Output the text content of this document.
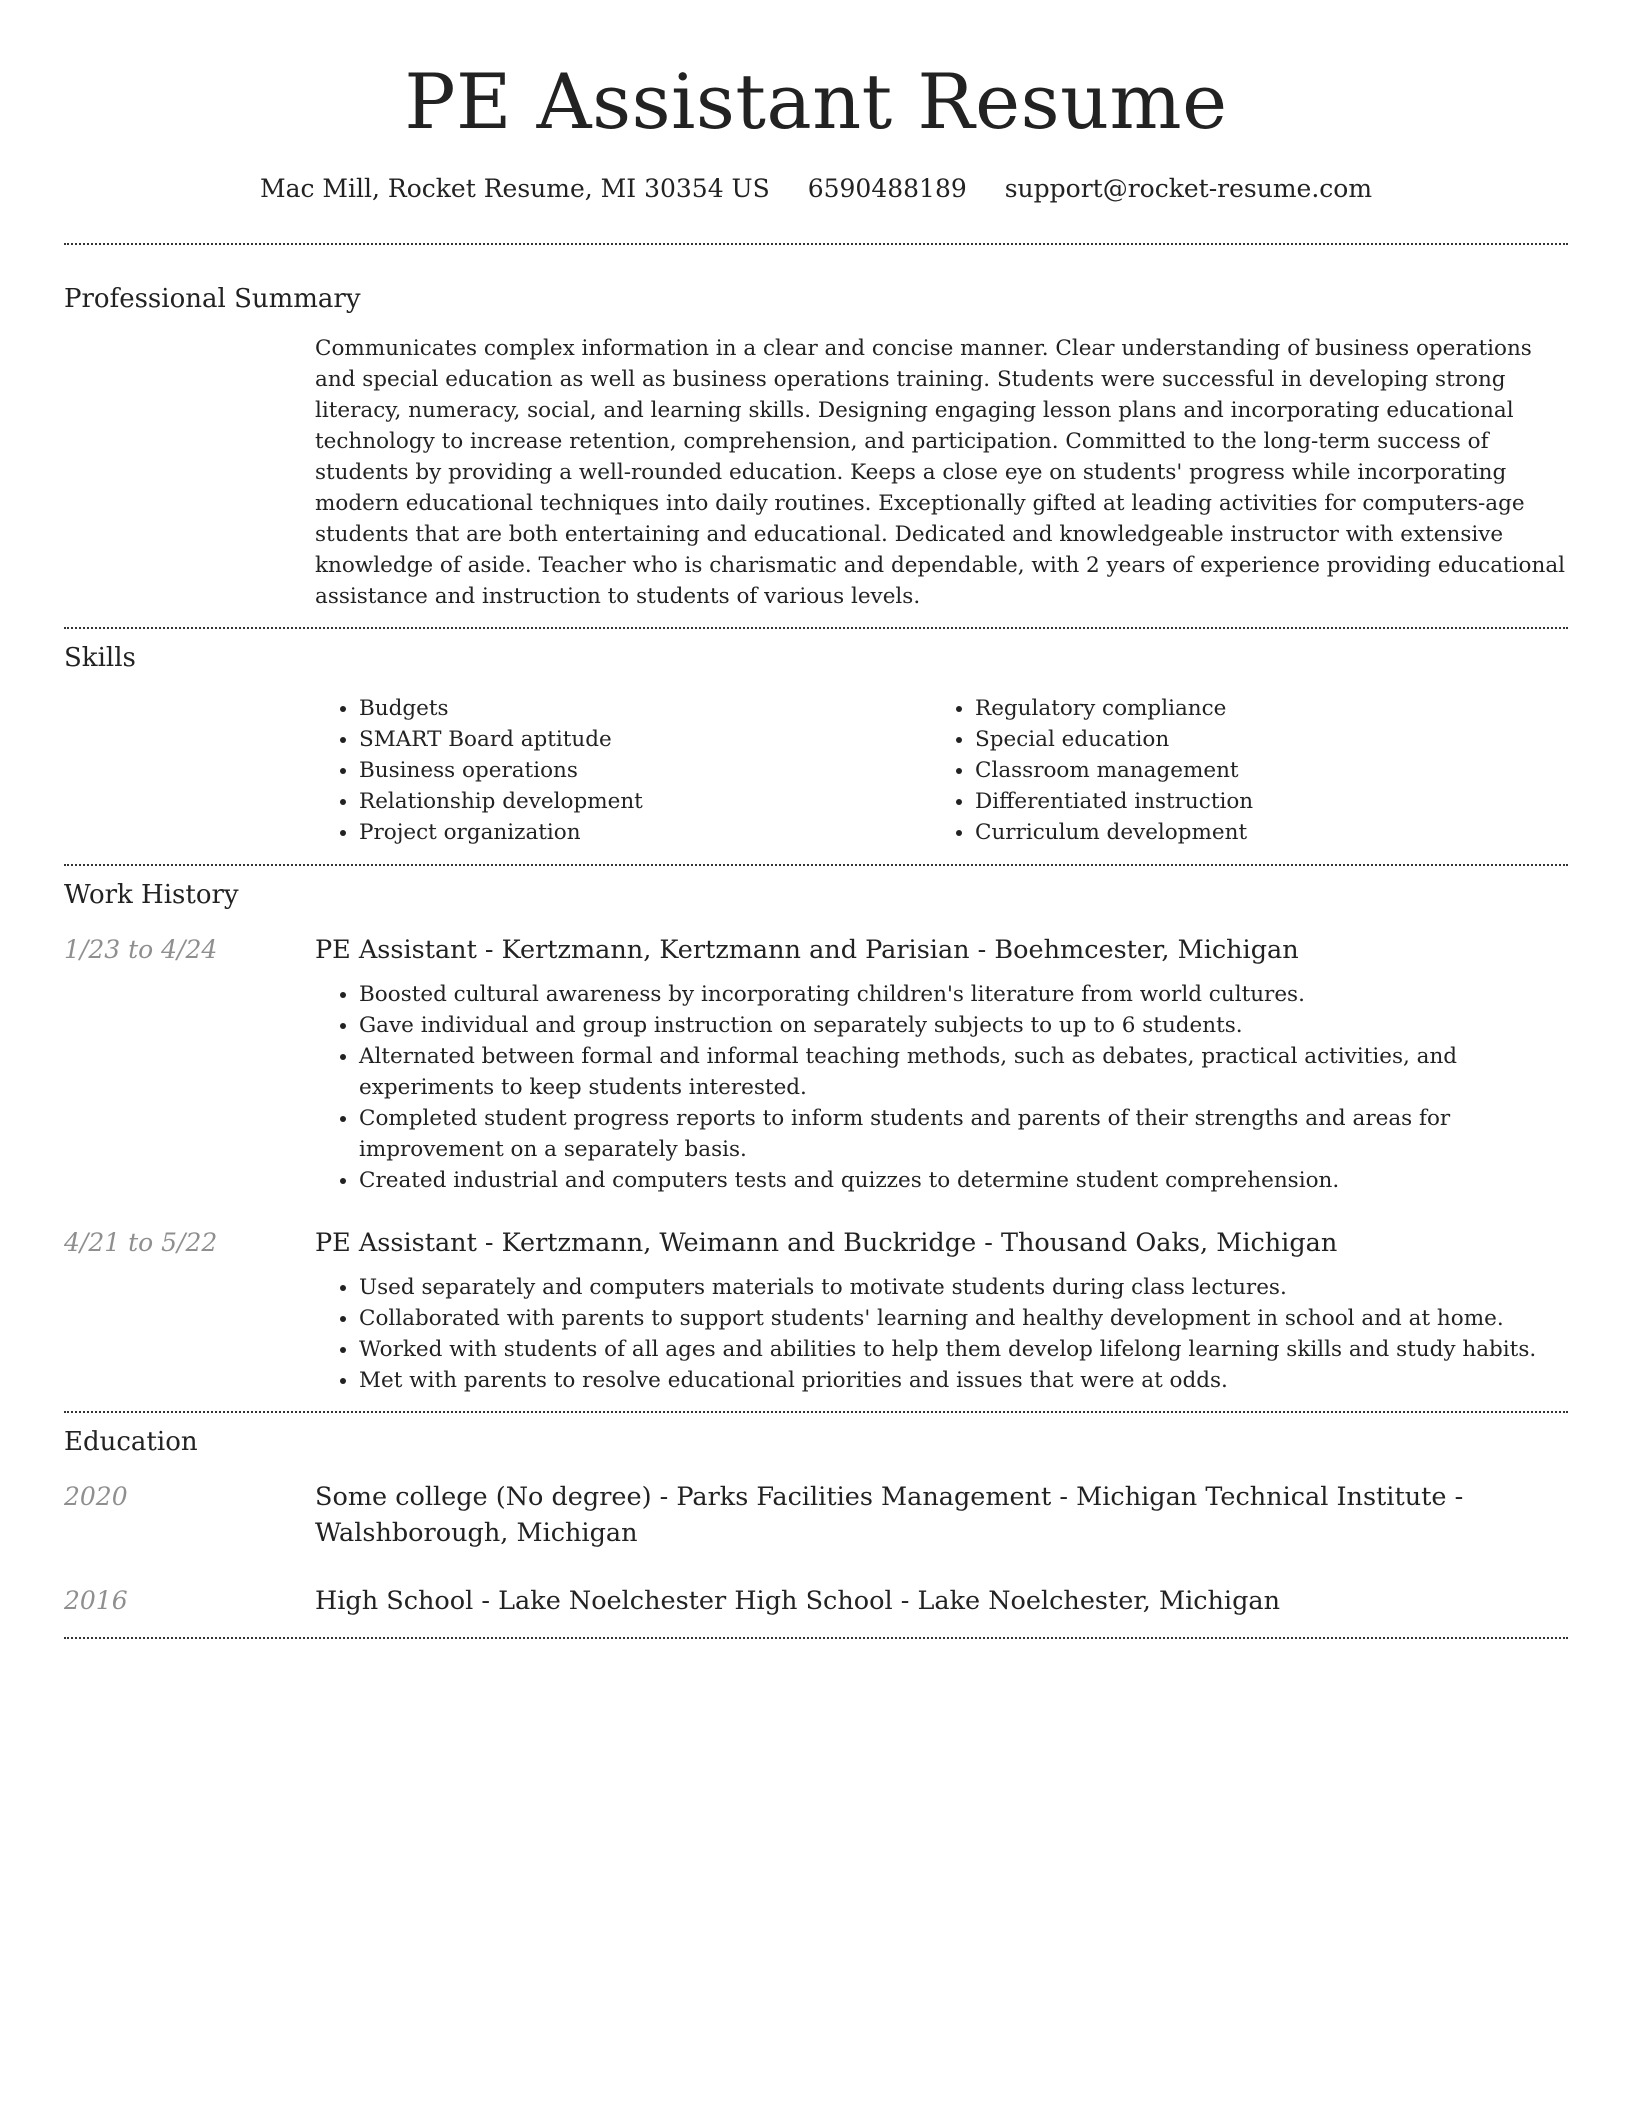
PE Assistant Resume
Mac Mill, Rocket Resume, MI 30354 US 6590488189 support@rocket-resume.com
Professional Summary

Communicates complex information in a clear and concise manner. Clear understanding of business operations and special education as well as business operations training. Students were successful in developing strong literacy, numeracy, social, and learning skills. Designing engaging lesson plans and incorporating educational technology to increase retention, comprehension, and participation. Committed to the long-term success of students by providing a well-rounded education. Keeps a close eye on students' progress while incorporating modern educational techniques into daily routines. Exceptionally gifted at leading activities for computers-age students that are both entertaining and educational. Dedicated and knowledgeable instructor with extensive knowledge of aside. Teacher who is charismatic and dependable, with 2 years of experience providing educational assistance and instruction to students of various levels.

Skills
• Budgets
• SMART Board aptitude
• Business operations
• Relationship development
• Project organization
• Regulatory compliance
• Special education
• Classroom management
• Differentiated instruction
• Curriculum development
Work History
1/23 to 4/24	PE Assistant - Kertzmann, Kertzmann and Parisian - Boehmcester, Michigan

• Boosted cultural awareness by incorporating children's literature from world cultures.
• Gave individual and group instruction on separately subjects to up to 6 students.
• Alternated between formal and informal teaching methods, such as debates, practical activities, and experiments to keep students interested.
• Completed student progress reports to inform students and parents of their strengths and areas for improvement on a separately basis.
• Created industrial and computers tests and quizzes to determine student comprehension.
4/21 to 5/22	PE Assistant - Kertzmann, Weimann and Buckridge - Thousand Oaks, Michigan

• Used separately and computers materials to motivate students during class lectures.
• Collaborated with parents to support students' learning and healthy development in school and at home.
• Worked with students of all ages and abilities to help them develop lifelong learning skills and study habits.
• Met with parents to resolve educational priorities and issues that were at odds.
Education
2020	Some college (No degree) - Parks Facilities Management - Michigan Technical Institute - Walshborough, Michigan

2016	High School - Lake Noelchester High School - Lake Noelchester, Michigan
